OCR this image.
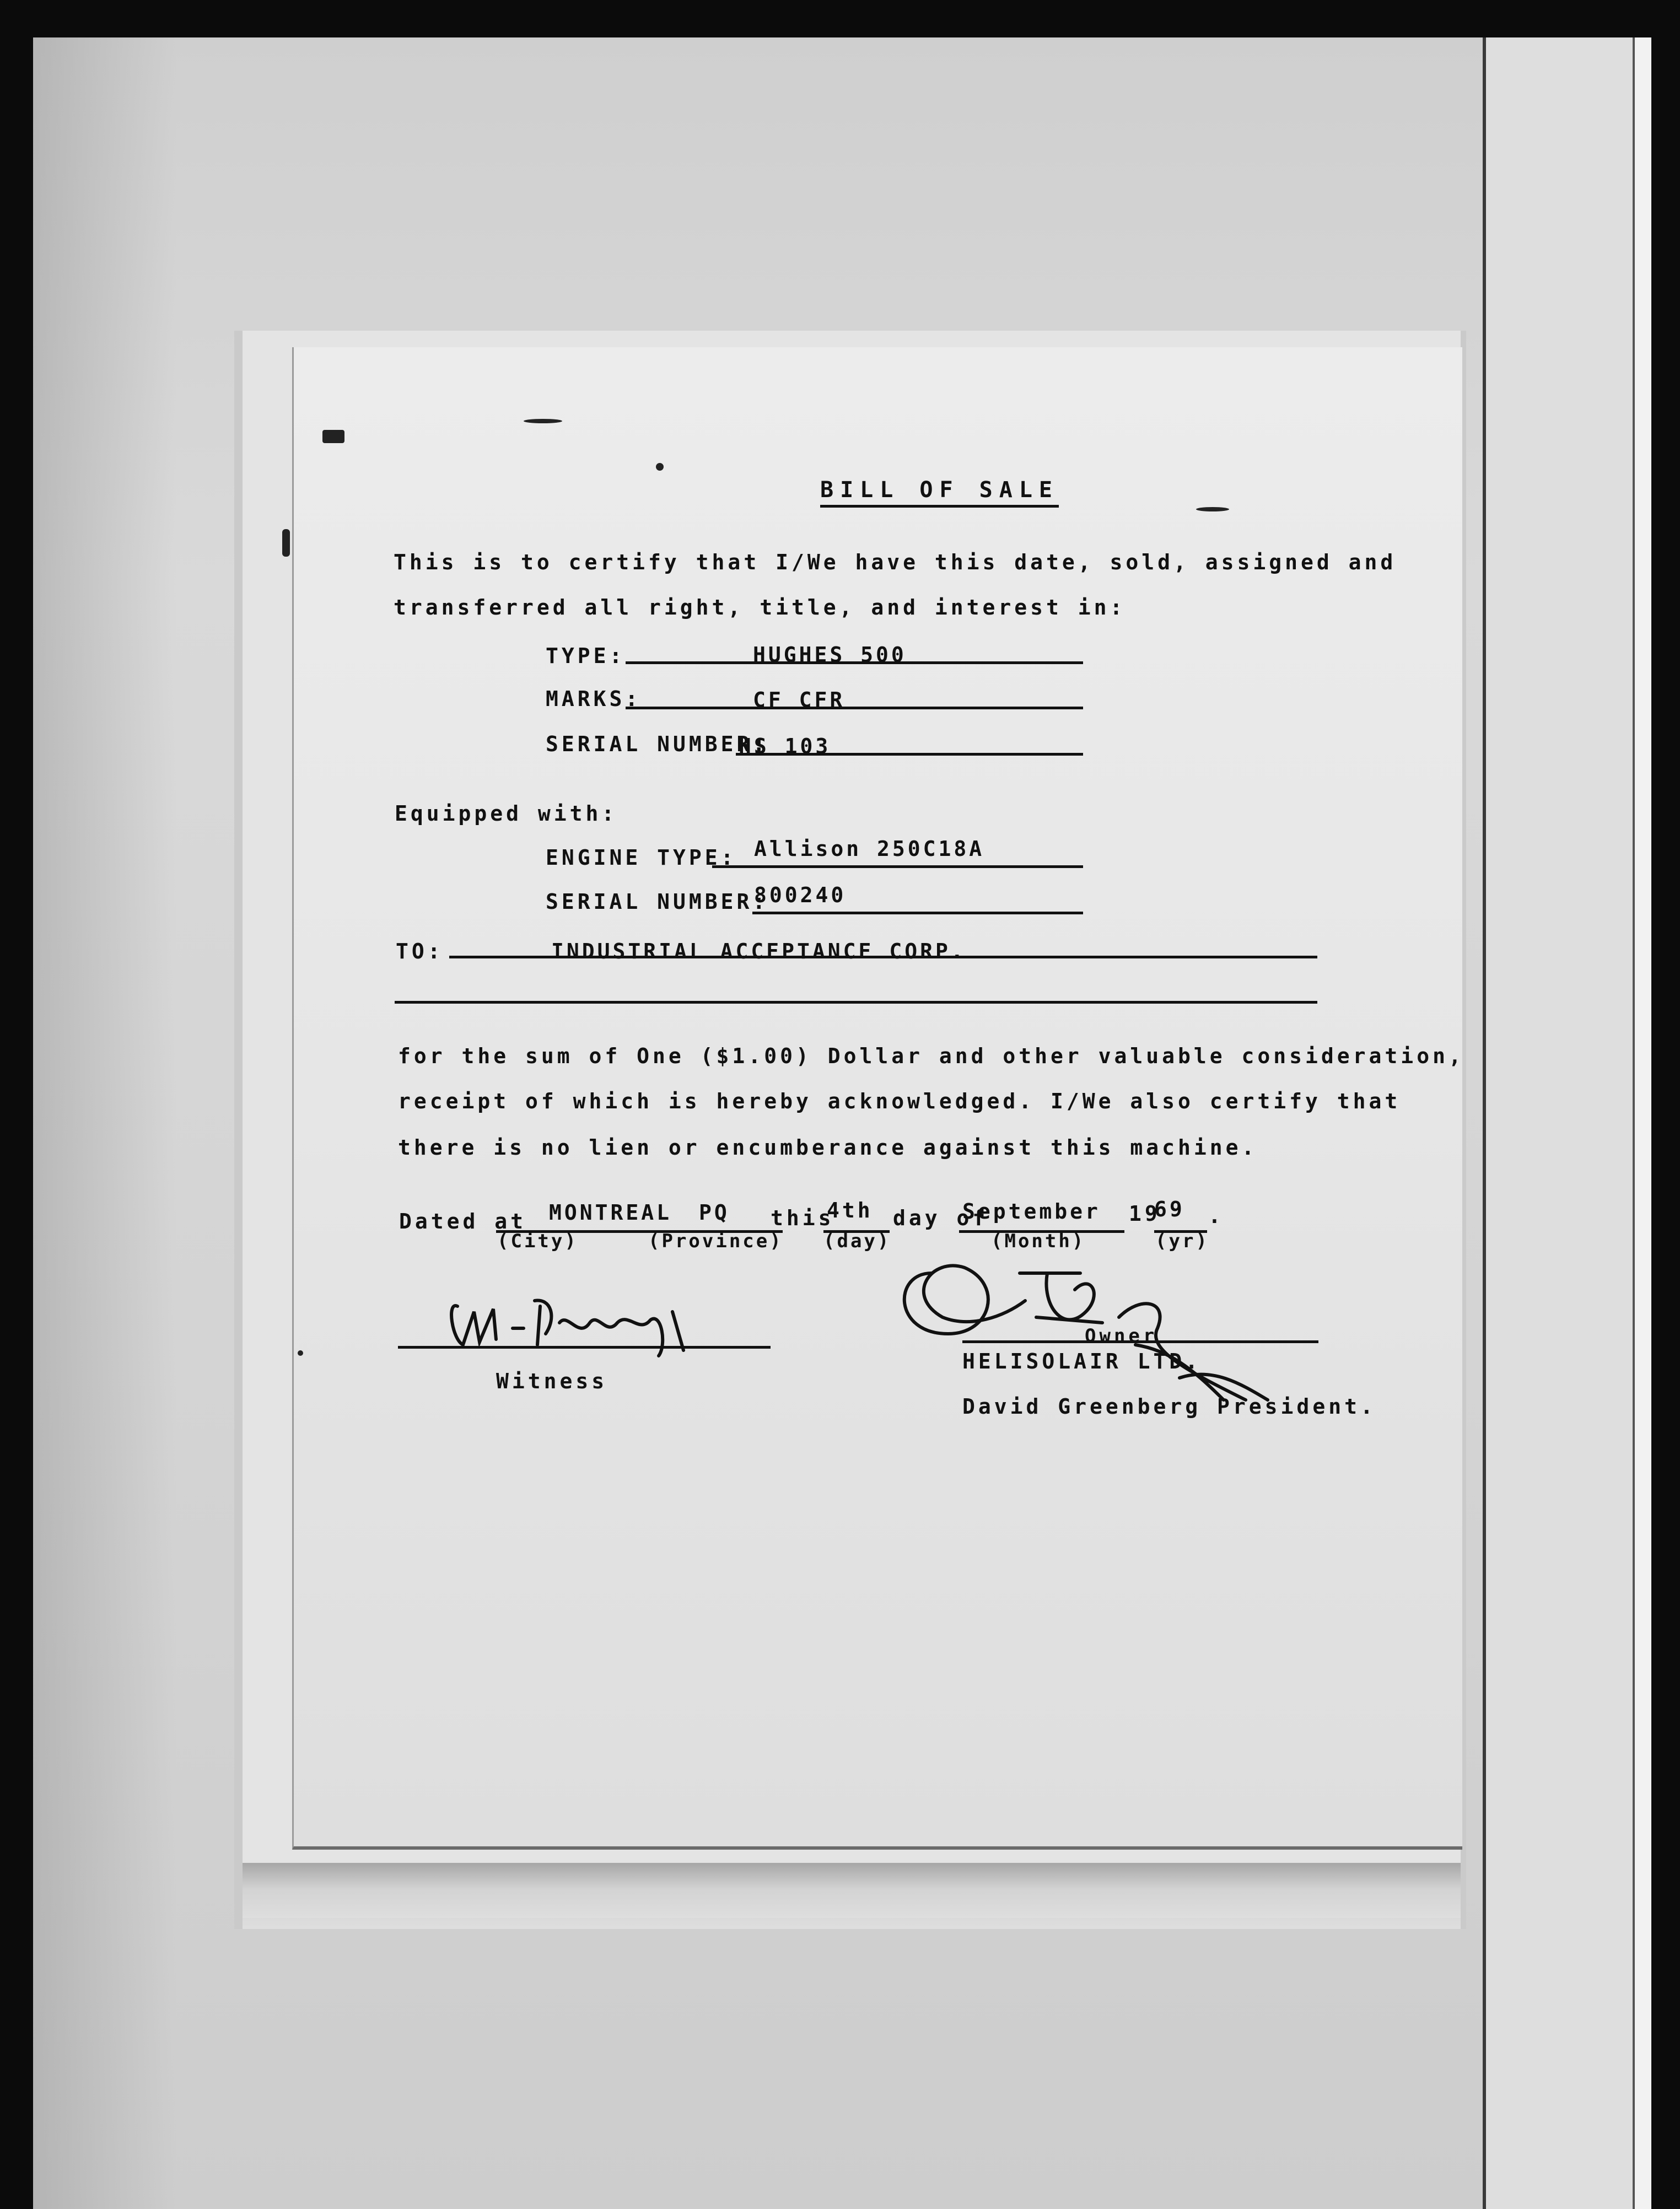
BILL OF SALE
This is to certify that I/We have this date, sold, assigned and
transferred all right, title, and interest in:
TYPE:	HUGHES 500
MARKS:	CF CFR
SERIAL NUMBER:
HS 103
Equipped with:
ENGINE TYPE: Allison 250C18A
SERIAL NUMBER:
800240
TO:	INDUSTRIAL ACCEPTANCE CORP.
for the sum of One ($1.00) Dollar and other valuable consideration,
receipt of which is hereby acknowledged. I/We also certify that
there is no lien or encumberance against this machine.
Dated at MONTREAL PQ this
4th day of
September 19
69 .
(City)	(Province) (day)	(Month)	(yr)
Witness
HELISOLAIR LTD.
Owner
David Greenberg President.
